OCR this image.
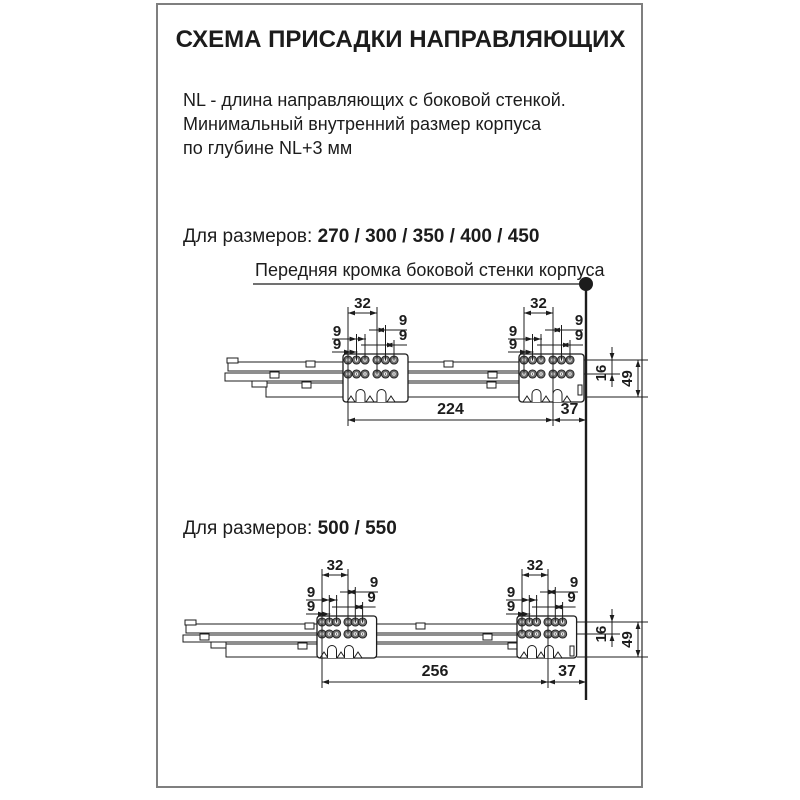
32
9
9
9
9
32
9
9
9
9
16 49
224	37
32
9
9
9
9
32
9
9
9
9
16 49
256	37
СХЕМА ПРИСАДКИ НАПРАВЛЯЮЩИХ
NL - длина направляющих с боковой стенкой.
Минимальный внутренний размер корпуса
по глубине NL+3 мм
Для размеров: 270 / 300 / 350 / 400 / 450
Передняя кромка боковой стенки корпуса
Для размеров: 500 / 550
